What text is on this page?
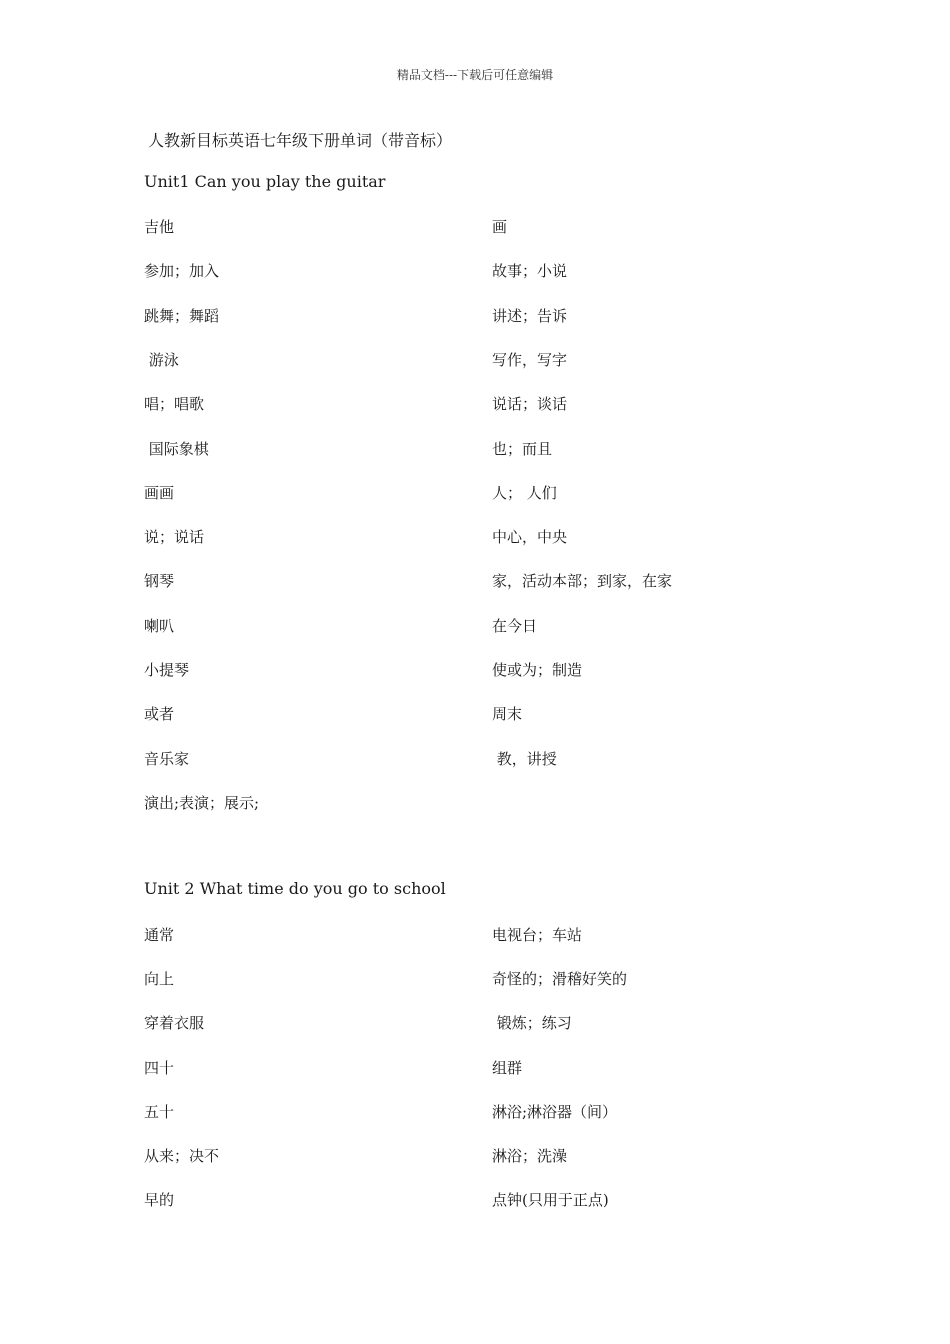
精品文档---下载后可任意编辑
人教新目标英语七年级下册单词（带音标）
Unit1 Can you play the guitar
吉他	画
参加；加入	故事；小说
跳舞；舞蹈	讲述；告诉
游泳	写作，写字
唱；唱歌	说话；谈话
国际象棋	也；而且
画画	人； 人们
说；说话	中心，中央
钢琴	家，活动本部；到家，在家
喇叭	在今日
小提琴	使或为；制造
或者	周末
音乐家	教，讲授
演出;表演；展示;
Unit 2 What time do you go to school
通常	电视台；车站
向上	奇怪的；滑稽好笑的
穿着衣服	锻炼；练习
四十	组群
五十	淋浴;淋浴器（间）
从来；决不	淋浴；洗澡
早的	点钟(只用于正点)
